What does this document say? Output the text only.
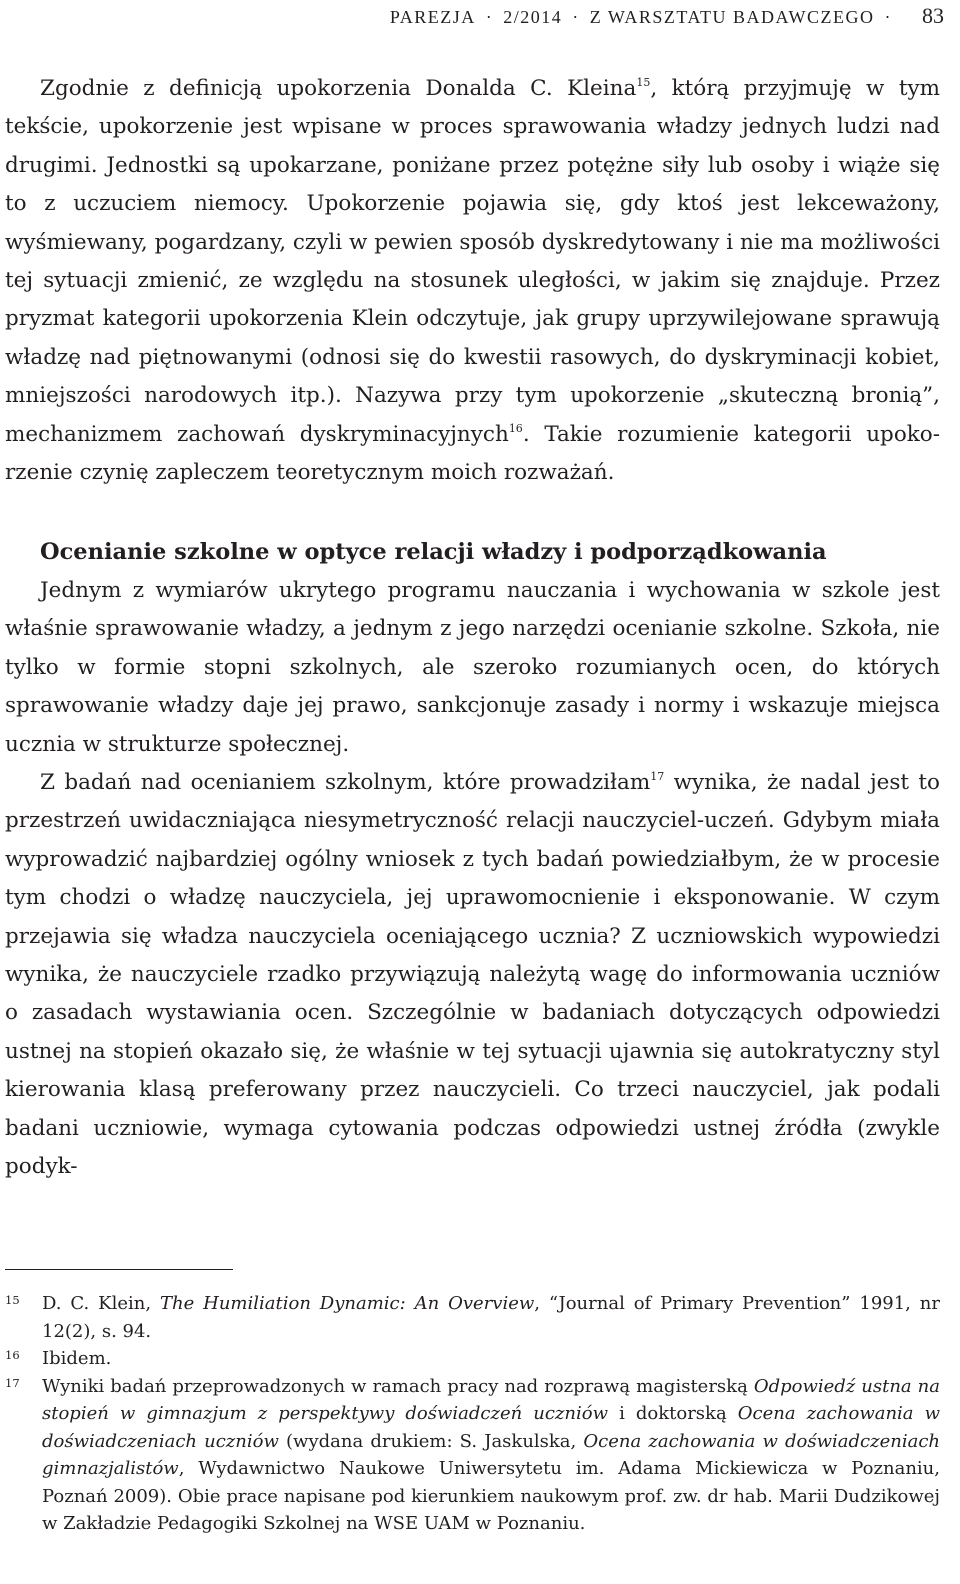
PAREZJA · 2/2014 · Z WARSZTATU BADAWCZEGO · 83

Zgodnie z definicją upokorzenia Donalda C. Kleina$^{15}$, którą przyjmuję w tym tekście, upokorzenie jest wpisane w proces sprawowania władzy jednych ludzi nad drugimi. Jednostki są upokarzane, poniżane przez potężne siły lub osoby i wiąże się to z uczuciem niemocy. Upokorzenie pojawia się, gdy ktoś jest lekceważony, wyśmiewany, pogardzany, czyli w pewien sposób dyskredytowany i nie ma możliwości tej sytuacji zmienić, ze względu na stosunek uległości, w jakim się znajduje. Przez pryzmat kategorii upokorzenia Klein odczytuje, jak grupy uprzywilejowane sprawują władzę nad piętnowanymi (odnosi się do kwestii rasowych, do dyskryminacji kobiet, mniejszości narodowych itp.). Nazywa przy tym upokorzenie „skuteczną bronią”, mechanizmem zachowań dyskryminacyjnych$^{16}$. Takie rozumienie kategorii upokorzenie czynię zapleczem teoretycznym moich rozważań.

Ocenianie szkolne w optyce relacji władzy i podporządkowania

Jednym z wymiarów ukrytego programu nauczania i wychowania w szkole jest właśnie sprawowanie władzy, a jednym z jego narzędzi ocenianie szkolne. Szkoła, nie tylko w formie stopni szkolnych, ale szeroko rozumianych ocen, do których sprawowanie władzy daje jej prawo, sankcjonuje zasady i normy i wskazuje miejsca ucznia w strukturze społecznej.

Z badań nad ocenianiem szkolnym, które prowadziłam$^{17}$ wynika, że nadal jest to przestrzeń uwidaczniająca niesymetryczność relacji nauczyciel-uczeń. Gdybym miała wyprowadzić najbardziej ogólny wniosek z tych badań powiedziałbym, że w procesie tym chodzi o władzę nauczyciela, jej uprawomocnienie i eksponowanie. W czym przejawia się władza nauczyciela oceniającego ucznia? Z uczniowskich wypowiedzi wynika, że nauczyciele rzadko przywiązują należytą wagę do informowania uczniów o zasadach wystawiania ocen. Szczególnie w badaniach dotyczących odpowiedzi ustnej na stopień okazało się, że właśnie w tej sytuacji ujawnia się autokratyczny styl kierowania klasą preferowany przez nauczycieli. Co trzeci nauczyciel, jak podali badani uczniowie, wymaga cytowania podczas odpowiedzi ustnej źródła (zwykle podyk-

15 D. C. Klein, The Humiliation Dynamic: An Overview, “Journal of Primary Prevention” 1991, nr 12(2), s. 94.
16 Ibidem.
17 Wyniki badań przeprowadzonych w ramach pracy nad rozprawą magisterską Odpowiedź ustna na stopień w gimnazjum z perspektywy doświadczeń uczniów i doktorską Ocena zachowania w doświadczeniach uczniów (wydana drukiem: S. Jaskulska, Ocena zachowania w doświadczeniach gimnazjalistów, Wydawnictwo Naukowe Uniwersytetu im. Adama Mickiewicza w Poznaniu, Poznań 2009). Obie prace napisane pod kierunkiem naukowym prof. zw. dr hab. Marii Dudzikowej w Zakładzie Pedagogiki Szkolnej na WSE UAM w Poznaniu.
